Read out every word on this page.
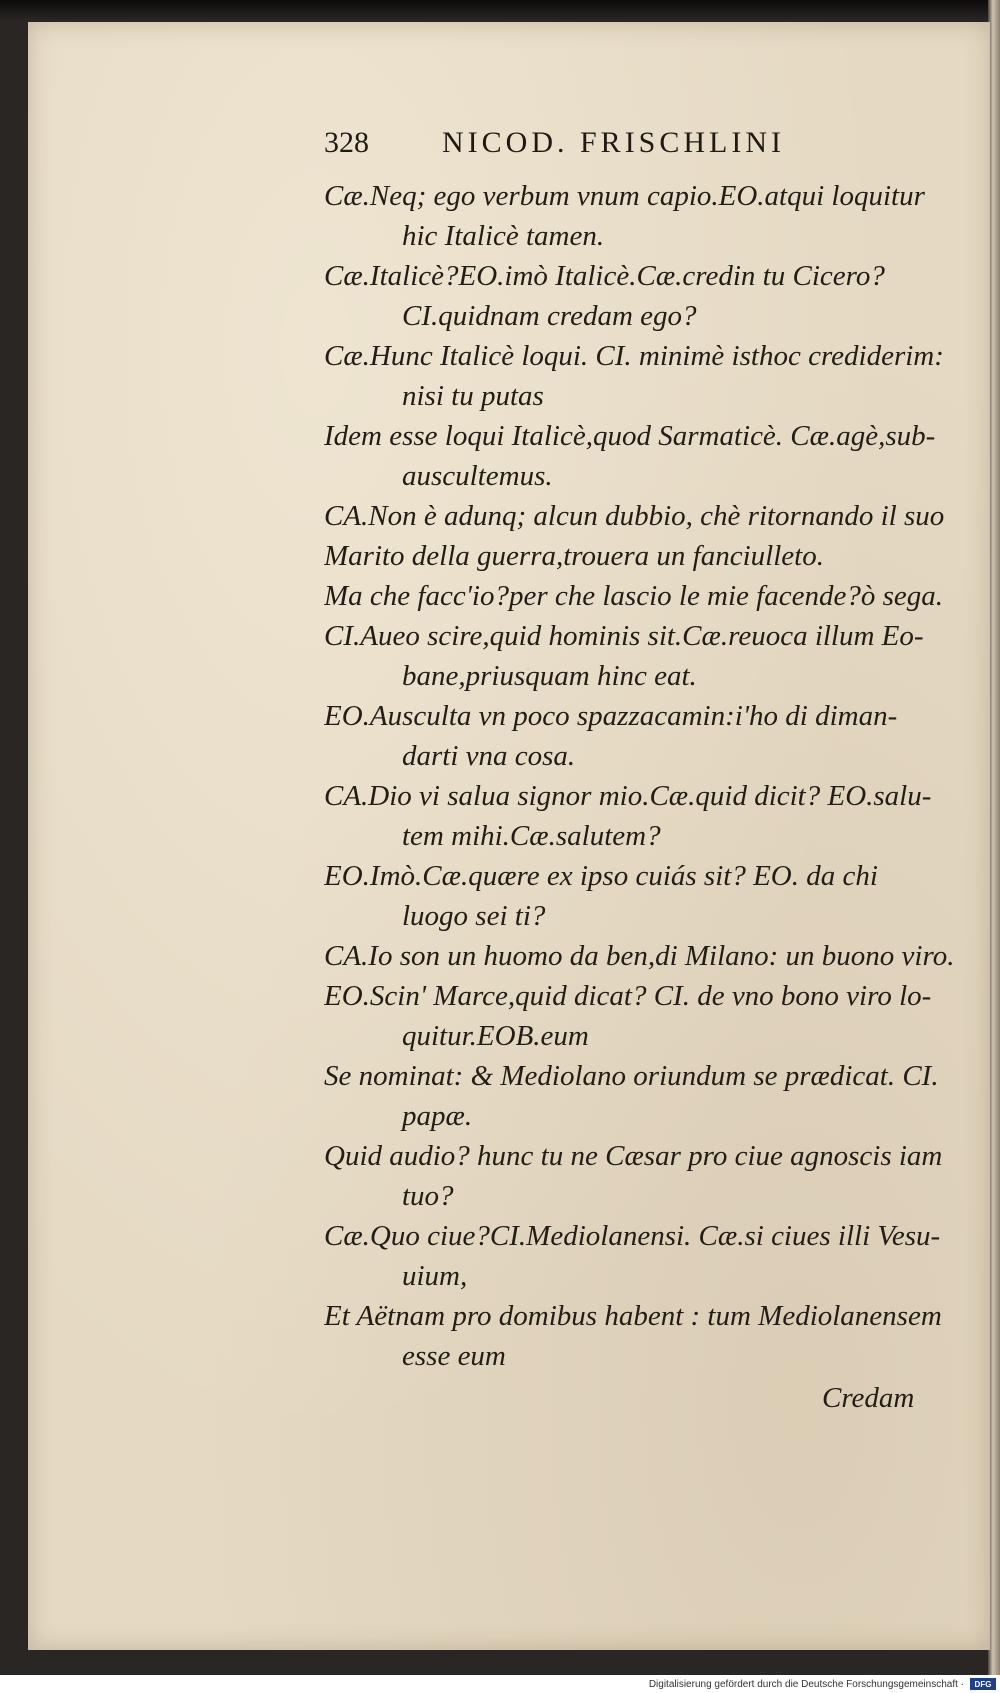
328	NICOD. FRISCHLINI
Cæ.Neq; ego verbum vnum capio.EO.atqui loquitur
hic Italicè tamen.
Cæ.Italicè?EO.imò Italicè.Cæ.credin tu Cicero?
CI.quidnam credam ego?
Cæ.Hunc Italicè loqui. CI. minimè isthoc crediderim:
nisi tu putas
Idem esse loqui Italicè,quod Sarmaticè. Cæ.agè,sub-
auscultemus.
CA.Non è adunq; alcun dubbio, chè ritornando il suo
Marito della guerra,trouera un fanciulleto.
Ma che facc'io?per che lascio le mie facende?ò sega.
CI.Aueo scire,quid hominis sit.Cæ.reuoca illum Eo-
bane,priusquam hinc eat.
EO.Ausculta vn poco spazzacamin:i'ho di diman-
darti vna cosa.
CA.Dio vi salua signor mio.Cæ.quid dicit? EO.salu-
tem mihi.Cæ.salutem?
EO.Imò.Cæ.quære ex ipso cuiás sit? EO. da chi
luogo sei ti?
CA.Io son un huomo da ben,di Milano: un buono viro.
EO.Scin' Marce,quid dicat? CI. de vno bono viro lo-
quitur.EOB.eum
Se nominat: & Mediolano oriundum se prædicat. CI.
papæ.
Quid audio? hunc tu ne Cæsar pro ciue agnoscis iam
tuo?
Cæ.Quo ciue?CI.Mediolanensi. Cæ.si ciues illi Vesu-
uium,
Et Aëtnam pro domibus habent : tum Mediolanensem
esse eum
Credam
Digitalisierung gefördert durch die Deutsche Forschungsgemeinschaft ·	DFG
